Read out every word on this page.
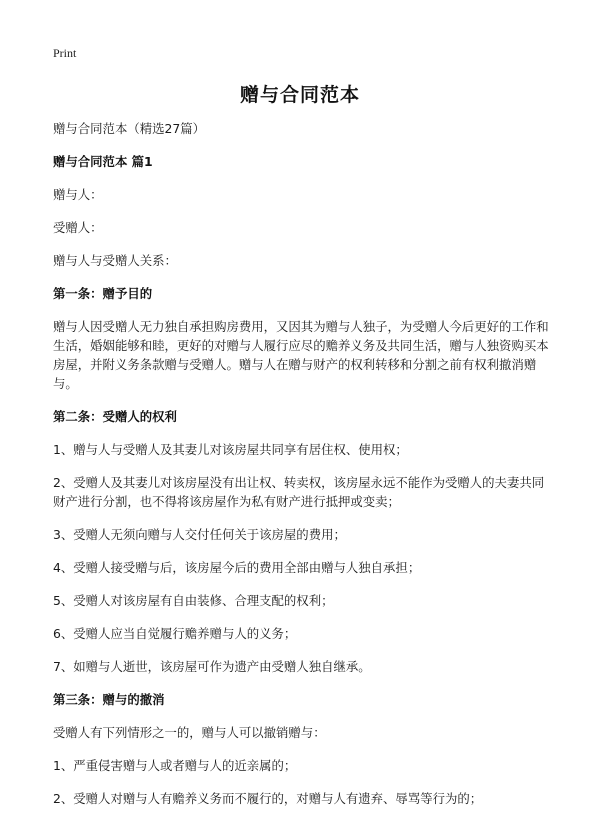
Print
赠与合同范本

赠与合同范本（精选27篇）

赠与合同范本 篇1

赠与人：

受赠人：

赠与人与受赠人关系：

第一条：赠予目的

赠与人因受赠人无力独自承担购房费用，又因其为赠与人独子，为受赠人今后更好的工作和生活，婚姻能够和睦，更好的对赠与人履行应尽的赡养义务及共同生活，赠与人独资购买本房屋，并附义务条款赠与受赠人。赠与人在赠与财产的权利转移和分割之前有权利撤消赠与。

第二条：受赠人的权利

1、赠与人与受赠人及其妻儿对该房屋共同享有居住权、使用权；

2、受赠人及其妻儿对该房屋没有出让权、转卖权，该房屋永远不能作为受赠人的夫妻共同财产进行分割，也不得将该房屋作为私有财产进行抵押或变卖；

3、受赠人无须向赠与人交付任何关于该房屋的费用；

4、受赠人接受赠与后，该房屋今后的费用全部由赠与人独自承担；

5、受赠人对该房屋有自由装修、合理支配的权利；

6、受赠人应当自觉履行赡养赠与人的义务；

7、如赠与人逝世，该房屋可作为遗产由受赠人独自继承。

第三条：赠与的撤消

受赠人有下列情形之一的，赠与人可以撤销赠与：

1、严重侵害赠与人或者赠与人的近亲属的；

2、受赠人对赠与人有赡养义务而不履行的，对赠与人有遗弃、辱骂等行为的；
